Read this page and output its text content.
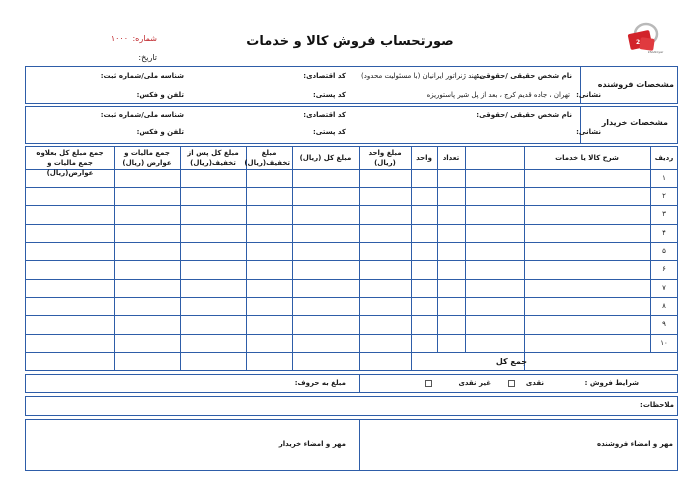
2
khodroyar
صورتحساب فروش کالا و خدمات
شماره:
۱۰۰۰
تاریخ:
مشخصات فروشنده
نام شخص حقیقی /حقوقی:
سهند ژنراتور ایرانیان (با مسئولیت محدود)
کد اقتصادی:
شناسه ملی/شماره ثبت:
نشانی:
تهران ، جاده قدیم کرج ، بعد از پل شیر پاستوریزه
کد پستی:
تلفن و فکس:
مشخصات خریدار
نام شخص حقیقی /حقوقی:
کد اقتصادی:
شناسه ملی/شماره ثبت:
نشانی:
کد پستی:
تلفن و فکس:
ردیف
شرح کالا یا خدمات
تعداد
واحد
مبلغ واحد (ریال)
مبلغ کل (ریال)
مبلغ تخفیف(ریال)
مبلغ کل پس از تخفیف(ریال)
جمع مالیات و عوارض (ریال)
جمع مبلغ کل بعلاوه جمع مالیات و عوارض(ریال)
۱
۲
۳
۴
۵
۶
۷
۸
۹
۱۰
جمع کل
شرایط فروش :
نقدی
غیر نقدی
مبلغ به حروف:
ملاحظات:
مهر و امضاء فروشنده
مهر و امضاء خریدار
